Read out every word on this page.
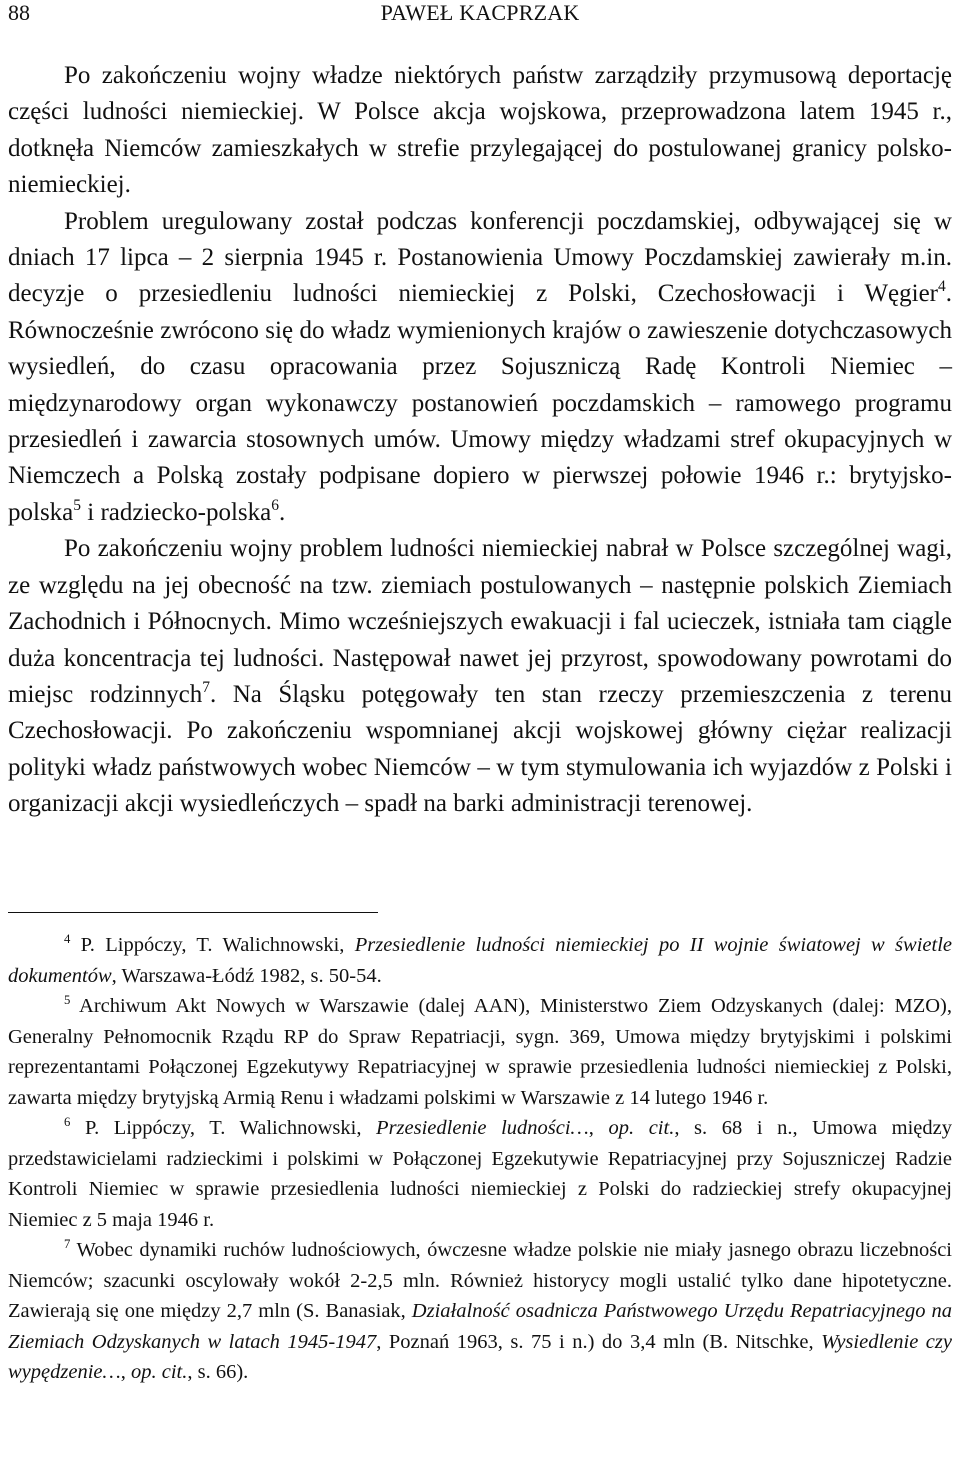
88	PAWEŁ KACPRZAK

Po zakończeniu wojny władze niektórych państw zarządziły przymusową deportację części ludności niemieckiej. W Polsce akcja wojskowa, przeprowadzona latem 1945 r., dotknęła Niemców zamieszkałych w strefie przylegającej do postulowanej granicy polsko-niemieckiej.

Problem uregulowany został podczas konferencji poczdamskiej, odbywającej się w dniach 17 lipca – 2 sierpnia 1945 r. Postanowienia Umowy Poczdamskiej zawierały m.in. decyzje o przesiedleniu ludności niemieckiej z Polski, Czechosłowacji i Węgier$^4$. Równocześnie zwrócono się do władz wymienionych krajów o zawieszenie dotychczasowych wysiedleń, do czasu opracowania przez Sojuszniczą Radę Kontroli Niemiec – międzynarodowy organ wykonawczy postanowień poczdamskich – ramowego programu przesiedleń i zawarcia stosownych umów. Umowy między władzami stref okupacyjnych w Niemczech a Polską zostały podpisane dopiero w pierwszej połowie 1946 r.: brytyjsko-polska$^5$ i radziecko-polska$^6$.

Po zakończeniu wojny problem ludności niemieckiej nabrał w Polsce szczególnej wagi, ze względu na jej obecność na tzw. ziemiach postulowanych – następnie polskich Ziemiach Zachodnich i Północnych. Mimo wcześniejszych ewakuacji i fal ucieczek, istniała tam ciągle duża koncentracja tej ludności. Następował nawet jej przyrost, spowodowany powrotami do miejsc rodzinnych$^7$. Na Śląsku potęgowały ten stan rzeczy przemieszczenia z terenu Czechosłowacji. Po zakończeniu wspomnianej akcji wojskowej główny ciężar realizacji polityki władz państwowych wobec Niemców – w tym stymulowania ich wyjazdów z Polski i organizacji akcji wysiedleńczych – spadł na barki administracji terenowej.

$^4$ P. Lippóczy, T. Walichnowski, Przesiedlenie ludności niemieckiej po II wojnie światowej w świetle dokumentów, Warszawa-Łódź 1982, s. 50-54.

$^5$ Archiwum Akt Nowych w Warszawie (dalej AAN), Ministerstwo Ziem Odzyskanych (dalej: MZO), Generalny Pełnomocnik Rządu RP do Spraw Repatriacji, sygn. 369, Umowa między brytyjskimi i polskimi reprezentantami Połączonej Egzekutywy Repatriacyjnej w sprawie przesiedlenia ludności niemieckiej z Polski, zawarta między brytyjską Armią Renu i władzami polskimi w Warszawie z 14 lutego 1946 r.

$^6$ P. Lippóczy, T. Walichnowski, Przesiedlenie ludności…, op. cit., s. 68 i n., Umowa między przedstawicielami radzieckimi i polskimi w Połączonej Egzekutywie Repatriacyjnej przy Sojuszniczej Radzie Kontroli Niemiec w sprawie przesiedlenia ludności niemieckiej z Polski do radzieckiej strefy okupacyjnej Niemiec z 5 maja 1946 r.

$^7$ Wobec dynamiki ruchów ludnościowych, ówczesne władze polskie nie miały jasnego obrazu liczebności Niemców; szacunki oscylowały wokół 2-2,5 mln. Również historycy mogli ustalić tylko dane hipotetyczne. Zawierają się one między 2,7 mln (S. Banasiak, Działalność osadnicza Państwowego Urzędu Repatriacyjnego na Ziemiach Odzyskanych w latach 1945-1947, Poznań 1963, s. 75 i n.) do 3,4 mln (B. Nitschke, Wysiedlenie czy wypędzenie…, op. cit., s. 66).
